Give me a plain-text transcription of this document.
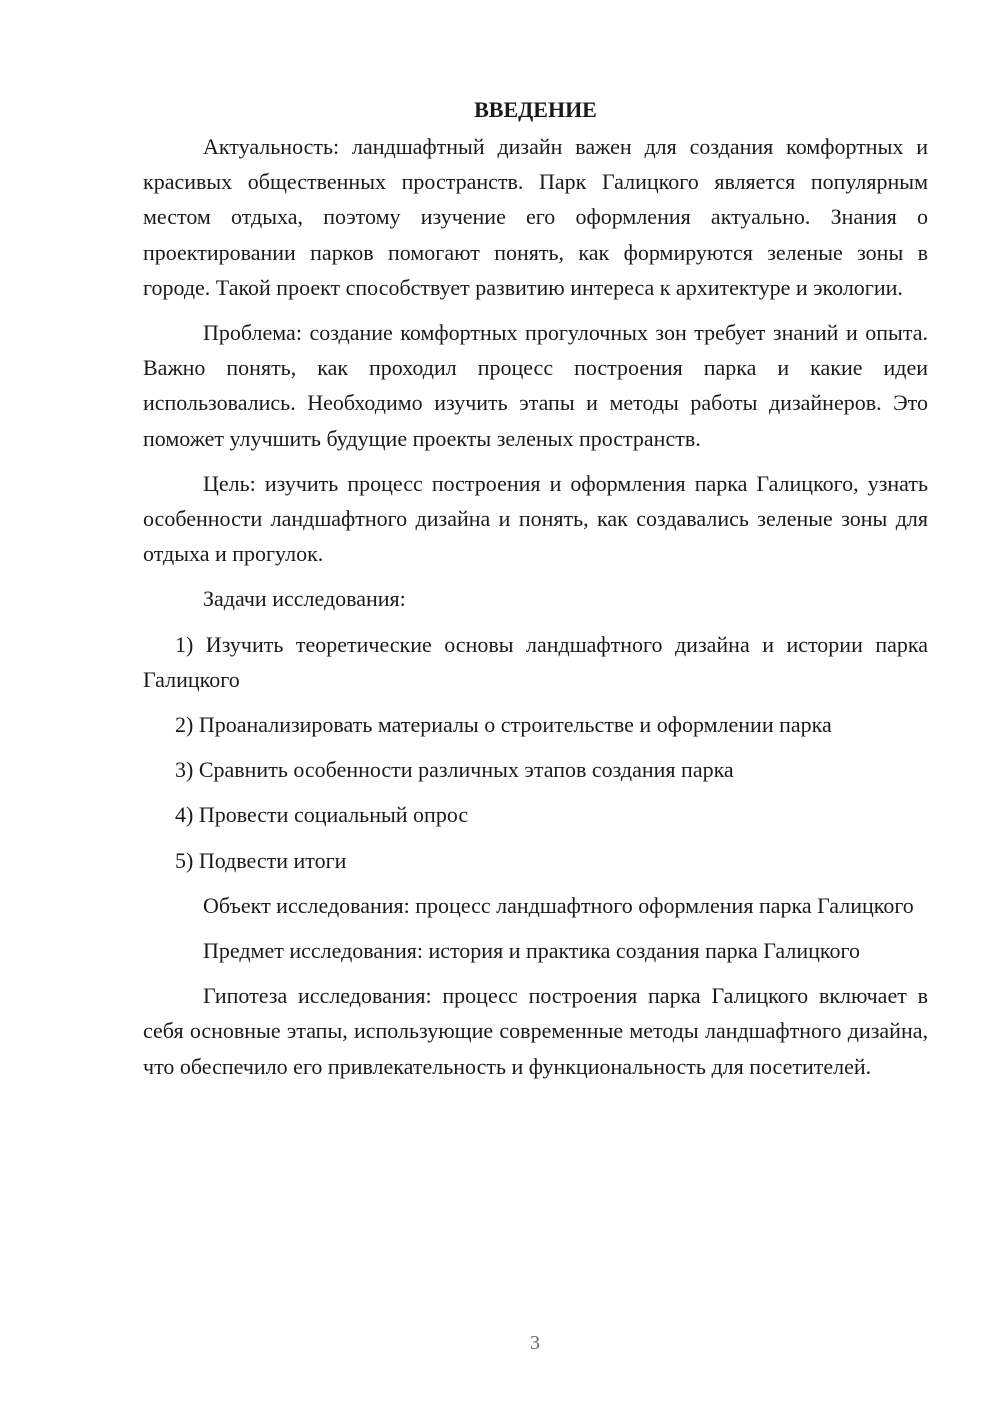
ВВЕДЕНИЕ

Актуальность: ландшафтный дизайн важен для создания комфортных и красивых общественных пространств. Парк Галицкого является популярным местом отдыха, поэтому изучение его оформления актуально. Знания о проектировании парков помогают понять, как формируются зеленые зоны в городе. Такой проект способствует развитию интереса к архитектуре и экологии.

Проблема: создание комфортных прогулочных зон требует знаний и опыта. Важно понять, как проходил процесс построения парка и какие идеи использовались. Необходимо изучить этапы и методы работы дизайнеров. Это поможет улучшить будущие проекты зеленых пространств.

Цель: изучить процесс построения и оформления парка Галицкого, узнать особенности ландшафтного дизайна и понять, как создавались зеленые зоны для отдыха и прогулок.

Задачи исследования:

1) Изучить теоретические основы ландшафтного дизайна и истории парка Галицкого

2) Проанализировать материалы о строительстве и оформлении парка

3) Сравнить особенности различных этапов создания парка

4) Провести социальный опрос

5) Подвести итоги

Объект исследования: процесс ландшафтного оформления парка Галицкого

Предмет исследования: история и практика создания парка Галицкого

Гипотеза исследования: процесс построения парка Галицкого включает в себя основные этапы, использующие современные методы ландшафтного дизайна, что обеспечило его привлекательность и функциональность для посетителей.

3
